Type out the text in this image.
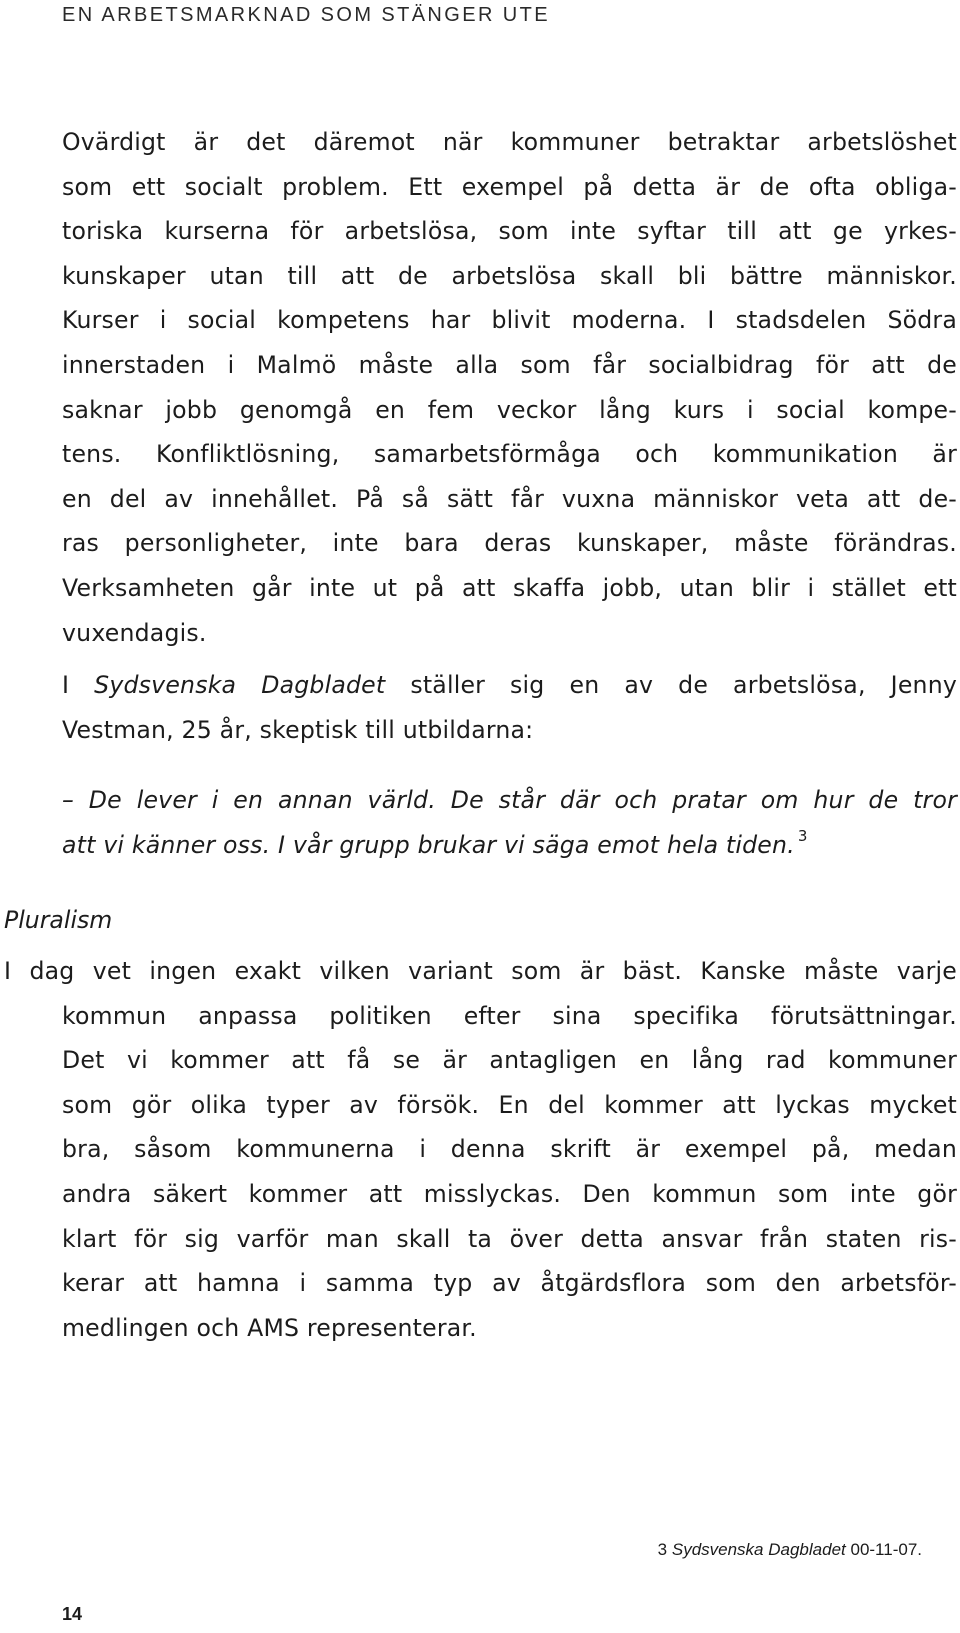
EN ARBETSMARKNAD SOM STÄNGER UTE
Ovärdigt är det däremot när kommuner betraktar arbetslöshet
som ett socialt problem. Ett exempel på detta är de ofta obliga-
toriska kurserna för arbetslösa, som inte syftar till att ge yrkes-
kunskaper utan till att de arbetslösa skall bli bättre människor.
Kurser i social kompetens har blivit moderna. I stadsdelen Södra
innerstaden i Malmö måste alla som får socialbidrag för att de
saknar jobb genomgå en fem veckor lång kurs i social kompe-
tens. Konfliktlösning, samarbetsförmåga och kommunikation är
en del av innehållet. På så sätt får vuxna människor veta att de-
ras personligheter, inte bara deras kunskaper, måste förändras.
Verksamheten går inte ut på att skaffa jobb, utan blir i stället ett
vuxendagis.
I Sydsvenska Dagbladet ställer sig en av de arbetslösa, Jenny
Vestman, 25 år, skeptisk till utbildarna:
– De lever i en annan värld. De står där och pratar om hur de tror
att vi känner oss. I vår grupp brukar vi säga emot hela tiden. $^3$
Pluralism
I dag vet ingen exakt vilken variant som är bäst. Kanske måste varje
kommun anpassa politiken efter sina specifika förutsättningar.
Det vi kommer att få se är antagligen en lång rad kommuner
som gör olika typer av försök. En del kommer att lyckas mycket
bra, såsom kommunerna i denna skrift är exempel på, medan
andra säkert kommer att misslyckas. Den kommun som inte gör
klart för sig varför man skall ta över detta ansvar från staten ris-
kerar att hamna i samma typ av åtgärdsflora som den arbetsför-
medlingen och AMS representerar.
3 Sydsvenska Dagbladet 00-11-07.
14
